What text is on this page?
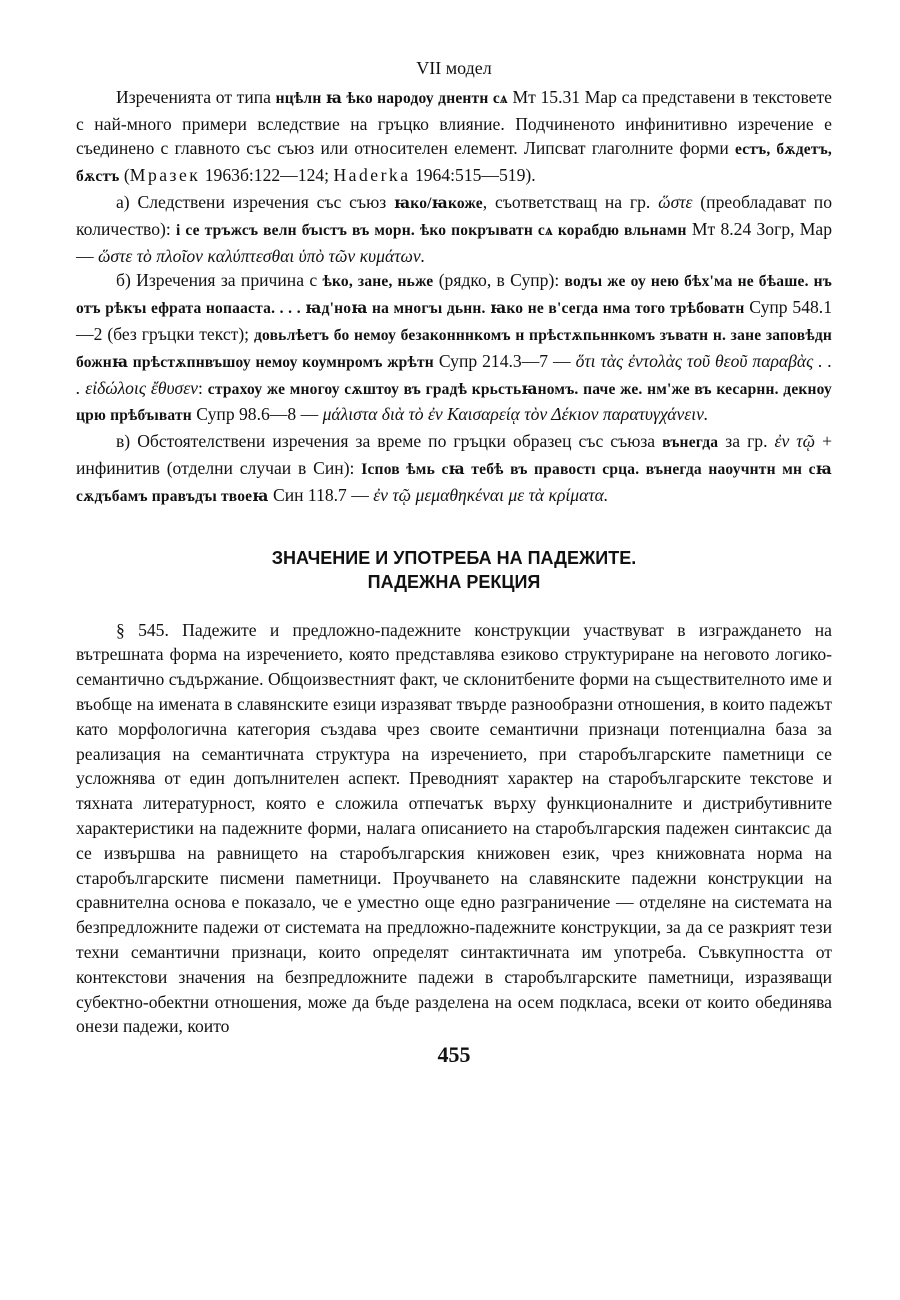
VII модел

Изреченията от типа нцѣлн ꙗ ѣко народоу днентн сѧ Мт 15.31 Мар са представени в текстовете с най-много примери вследствие на гръцко влияние. Подчиненото инфинитивно изречение е съединено с главното със съюз или относителен елемент. Липсват глаголните форми естъ, бѫдетъ, бѫстъ (Мразек 1963б:122—124; Haderka 1964:515—519).

а) Следствени изречения със съюз ꙗко/ꙗкоже, съответстващ на гр. ὥστε (преобладават по количество): і се тръжсъ велн бъıстъ въ морн. ѣко покръıватн сѧ корабдю вльнамн Мт 8.24 Зогр, Мар — ὥστε τὸ πλοῖον καλύπτεσθαι ὑπὸ τῶν κυμάτων.

б) Изречения за причина с ѣко, зане, ньже (рядко, в Супр): водъı же оу нею бѣх'ма не бѣаше. нъ отъ рѣкъı ефрата нопааста. . . . ꙗд'ноꙗ на многъı дьнн. ꙗко не в'сегда нма того трѣбоватн Супр 548.1—2 (без гръцки текст); довьлѣетъ бо немоу безаконннкомъ н прѣстѫпьннкомъ зъватн н. зане заповѣдн божнꙗ прѣстѫпнвъшоу немоу коумнромъ жрѣтн Супр 214.3—7 — ὅτι τὰς ἐντολὰς τοῦ θεοῦ παραβὰς . . . εἰδώλοις ἔθυσεν: страхоу же многоу сѫштоу въ градѣ крьстьꙗномъ. паче же. нм'же въ кесарнн. декноу црю прѣбъıватн Супр 98.6—8 — μάλιστα διὰ τὸ ἐν Καισαρείᾳ τὸν Δέκιον παρατυγχάνειν.

в) Обстоятелствени изречения за време по гръцки образец със съюза вънегда за гр. ἐν τῷ + инфинитив (отделни случаи в Син): Іспов ѣмь сꙗ тебѣ въ правостı срца. вънегда наоучнтн мн сꙗ сѫдъбамъ правъдъı твоеꙗ Син 118.7 — ἐν τῷ μεμαθηκέναι με τὰ κρίματα.

ЗНАЧЕНИЕ И УПОТРЕБА НА ПАДЕЖИТЕ.
ПАДЕЖНА РЕКЦИЯ

§ 545. Падежите и предложно-падежните конструкции участвуват в изграждането на вътрешната форма на изречението, която представлява езиково структуриране на неговото логико-семантично съдържание. Общоизвестният факт, че склонитбените форми на съществителното име и въобще на имената в славянските езици изразяват твърде разнообразни отношения, в които падежът като морфологична категория създава чрез своите семантични признаци потенциална база за реализация на семантичната структура на изречението, при старобългарските паметници се усложнява от един допълнителен аспект. Преводният характер на старобългарските текстове и тяхната литературност, която е сложила отпечатък върху функционалните и дистрибутивните характеристики на падежните форми, налага описанието на старобългарския падежен синтаксис да се извършва на равнището на старобългарския книжовен език, чрез книжовната норма на старобългарските писмени паметници. Проучването на славянските падежни конструкции на сравнителна основа е показало, че е уместно още едно разграничение — отделяне на системата на безпредложните падежи от системата на предложно-падежните конструкции, за да се разкрият тези техни семантични признаци, които определят синтактичната им употреба. Съвкупността от контекстови значения на безпредложните падежи в старобългарските паметници, изразяващи субектно-обектни отношения, може да бъде разделена на осем подкласа, всеки от които обединява онези падежи, които

455
